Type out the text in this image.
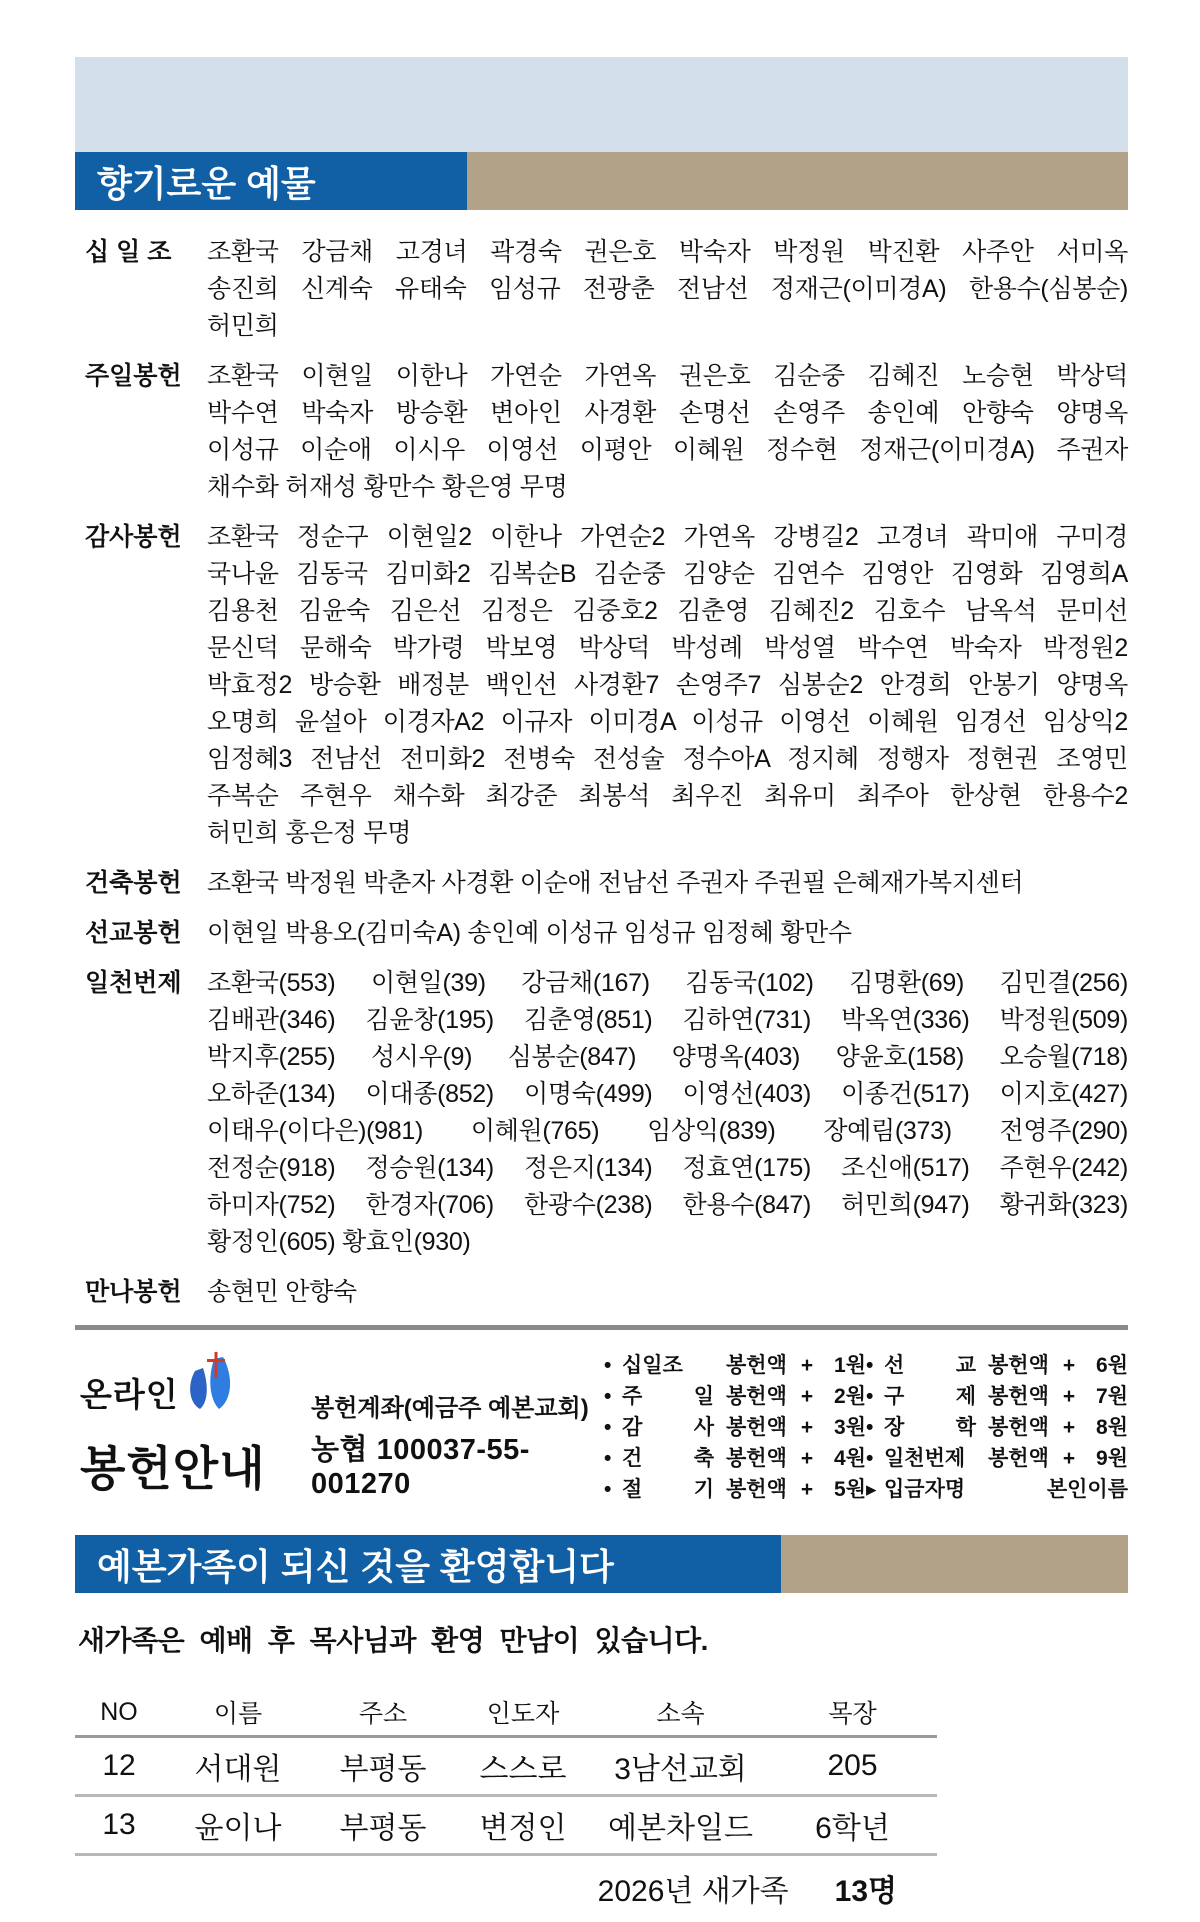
향기로운 예물
십 일 조	조환국 강금채 고경녀 곽경숙 권은호 박숙자 박정원 박진환 사주안 서미옥
송진희 신계숙 유태숙 임성규 전광춘 전남선 정재근(이미경A) 한용수(심봉순)
허민희
주일봉헌	조환국 이현일 이한나 가연순 가연옥 권은호 김순중 김혜진 노승현 박상덕
박수연 박숙자 방승환 변아인 사경환 손명선 손영주 송인예 안향숙 양명옥
이성규 이순애 이시우 이영선 이평안 이혜원 정수현 정재근(이미경A) 주권자
채수화 허재성 황만수 황은영 무명
감사봉헌	조환국 정순구 이현일2 이한나 가연순2 가연옥 강병길2 고경녀 곽미애 구미경
국나윤 김동국 김미화2 김복순B 김순중 김양순 김연수 김영안 김영화 김영희A
김용천 김윤숙 김은선 김정은 김중호2 김춘영 김혜진2 김호수 남옥석 문미선
문신덕 문해숙 박가령 박보영 박상덕 박성례 박성열 박수연 박숙자 박정원2
박효정2 방승환 배정분 백인선 사경환7 손영주7 심봉순2 안경희 안봉기 양명옥
오명희 윤설아 이경자A2 이규자 이미경A 이성규 이영선 이혜원 임경선 임상익2
임정혜3 전남선 전미화2 전병숙 전성술 정수아A 정지혜 정행자 정현권 조영민
주복순 주현우 채수화 최강준 최봉석 최우진 최유미 최주아 한상현 한용수2
허민희 홍은정 무명
건축봉헌	조환국 박정원 박춘자 사경환 이순애 전남선 주권자 주권필 은혜재가복지센터
선교봉헌	이현일 박용오(김미숙A) 송인예 이성규 임성규 임정혜 황만수
일천번제	조환국(553) 이현일(39) 강금채(167) 김동국(102) 김명환(69) 김민결(256)
김배관(346) 김윤창(195) 김춘영(851) 김하연(731) 박옥연(336) 박정원(509)
박지후(255) 성시우(9) 심봉순(847) 양명옥(403) 양윤호(158) 오승월(718)
오하준(134) 이대종(852) 이명숙(499) 이영선(403) 이종건(517) 이지호(427)
이태우(이다은)(981) 이혜원(765) 임상익(839) 장예림(373) 전영주(290)
전정순(918) 정승원(134) 정은지(134) 정효연(175) 조신애(517) 주현우(242)
하미자(752) 한경자(706) 한광수(238) 한용수(847) 허민희(947) 황귀화(323)
황정인(605) 황효인(930)
만나봉헌	송현민 안향숙
온라인
봉헌안내
봉헌계좌(예금주 예본교회)
농협 100037-55-001270
• 십일조	봉헌액 + 1원 • 선 교 봉헌액 + 6원
• 주 일 봉헌액 + 2원 • 구 제 봉헌액 + 7원
• 감 사 봉헌액 + 3원 • 장 학 봉헌액 + 8원
• 건 축 봉헌액 + 4원 • 일천번제	봉헌액 + 9원
• 절 기 봉헌액 + 5원 ▸ 입금자명	본인이름
예본가족이 되신 것을 환영합니다
새가족은 예배 후 목사님과 환영 만남이 있습니다.
NO	이름	주소	인도자	소속	목장
12	서대원	부평동	스스로	3남선교회	205
13	윤이나	부평동	변정인	예본차일드	6학년
2026년 새가족 13명
